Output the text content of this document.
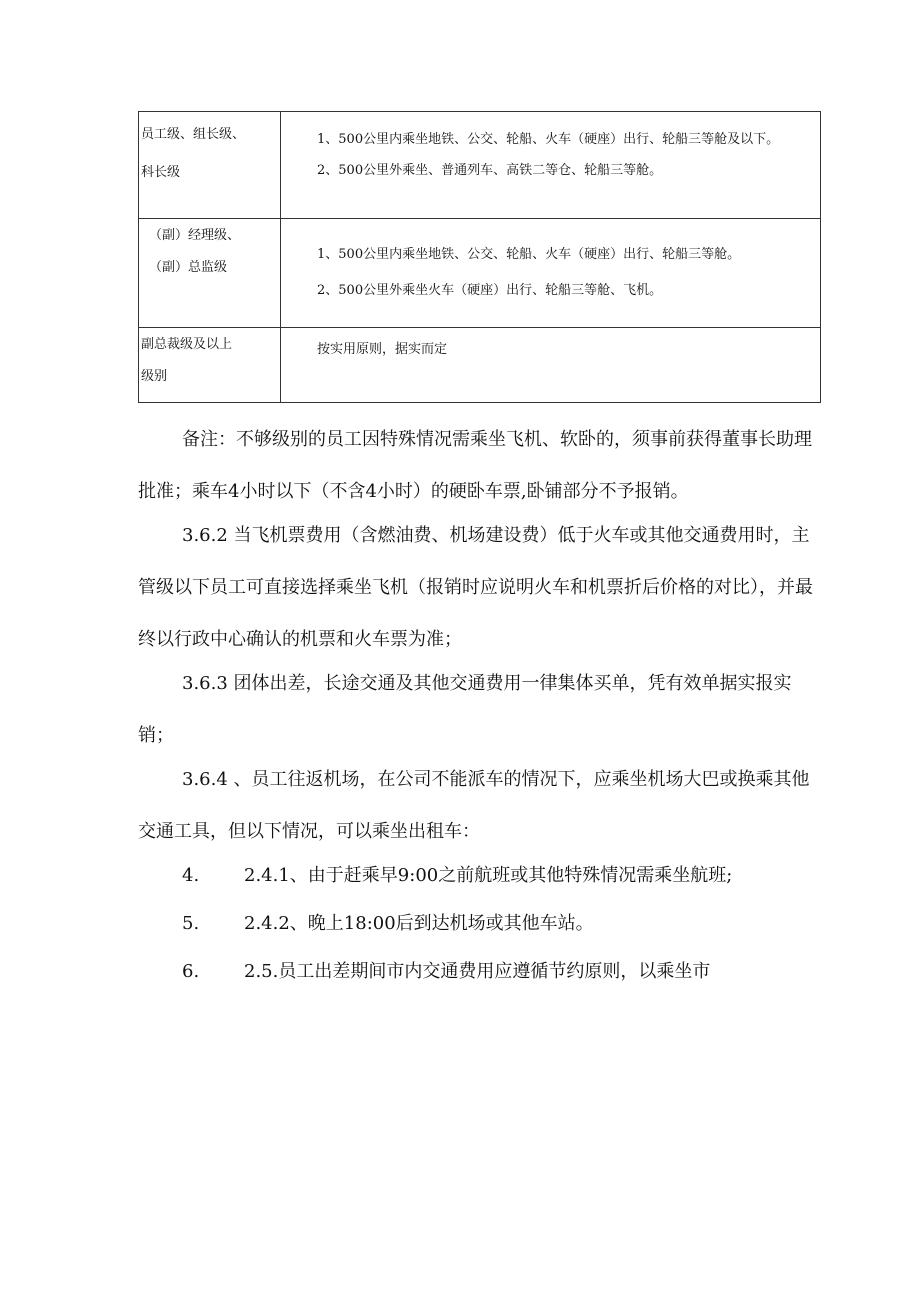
员工级、组长级、
科长级	1、500公里内乘坐地铁、公交、轮船、火车（硬座）出行、轮船三等舱及以下。
2、500公里外乘坐、普通列车、高铁二等仓、轮船三等舱。

（副）经理级、
（副）总监级	1、500公里内乘坐地铁、公交、轮船、火车（硬座）出行、轮船三等舱。
2、500公里外乘坐火车（硬座）出行、轮船三等舱、飞机。

副总裁级及以上
级别	按实用原则，据实而定

备注：不够级别的员工因特殊情况需乘坐飞机、软卧的，须事前获得董事长助理批准；乘车4小时以下（不含4小时）的硬卧车票,卧铺部分不予报销。

3.6.2 当飞机票费用（含燃油费、机场建设费）低于火车或其他交通费用时，主管级以下员工可直接选择乘坐飞机（报销时应说明火车和机票折后价格的对比），并最终以行政中心确认的机票和火车票为准；

3.6.3 团体出差，长途交通及其他交通费用一律集体买单，凭有效单据实报实销；

3.6.4 、员工往返机场，在公司不能派车的情况下，应乘坐机场大巴或换乘其他交通工具，但以下情况，可以乘坐出租车：

4. 2.4.1、由于赶乘早9:00之前航班或其他特殊情况需乘坐航班;
5. 2.4.2、晚上18:00后到达机场或其他车站。
6. 2.5.员工出差期间市内交通费用应遵循节约原则，以乘坐市
